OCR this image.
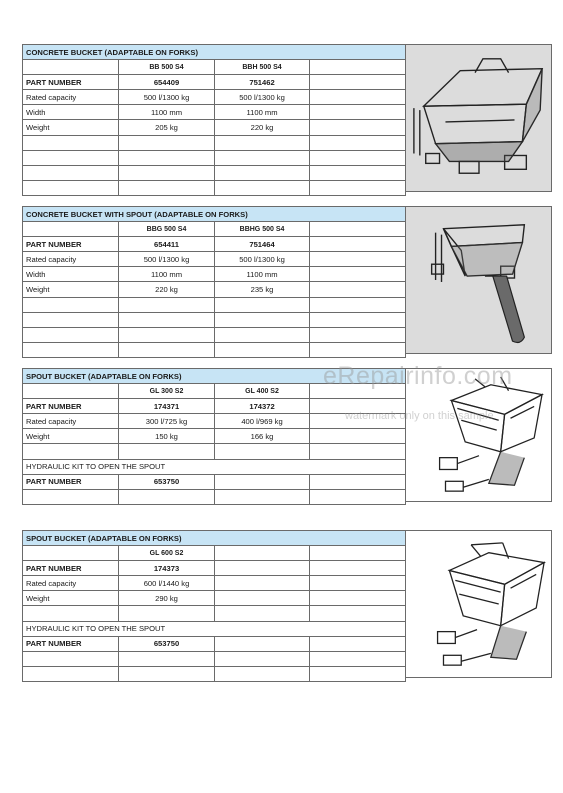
CONCRETE BUCKET (ADAPTABLE ON FORKS)			
	BB 500 S4	BBH 500 S4	
PART NUMBER	654409	751462	
Rated capacity	500 l/1300 kg	500 l/1300 kg	
Width	1100 mm	1100 mm	
Weight	205 kg	220 kg	

CONCRETE BUCKET WITH SPOUT (ADAPTABLE ON FORKS)			
	BBG 500 S4	BBHG 500 S4	
PART NUMBER	654411	751464	
Rated capacity	500 l/1300 kg	500 l/1300 kg	
Width	1100 mm	1100 mm	
Weight	220 kg	235 kg	

SPOUT BUCKET (ADAPTABLE ON FORKS)			
	GL 300 S2	GL 400 S2	
PART NUMBER	174371	174372	
Rated capacity	300 l/725 kg	400 l/969 kg	
Weight	150 kg	166 kg	

HYDRAULIC KIT TO OPEN THE SPOUT			
PART NUMBER	653750		

SPOUT BUCKET (ADAPTABLE ON FORKS)			
	GL 600 S2		
PART NUMBER	174373		
Rated capacity	600 l/1440 kg		
Weight	290 kg		

HYDRAULIC KIT TO OPEN THE SPOUT			
PART NUMBER	653750		

eRepairinfo.com
watermark only on this sample
